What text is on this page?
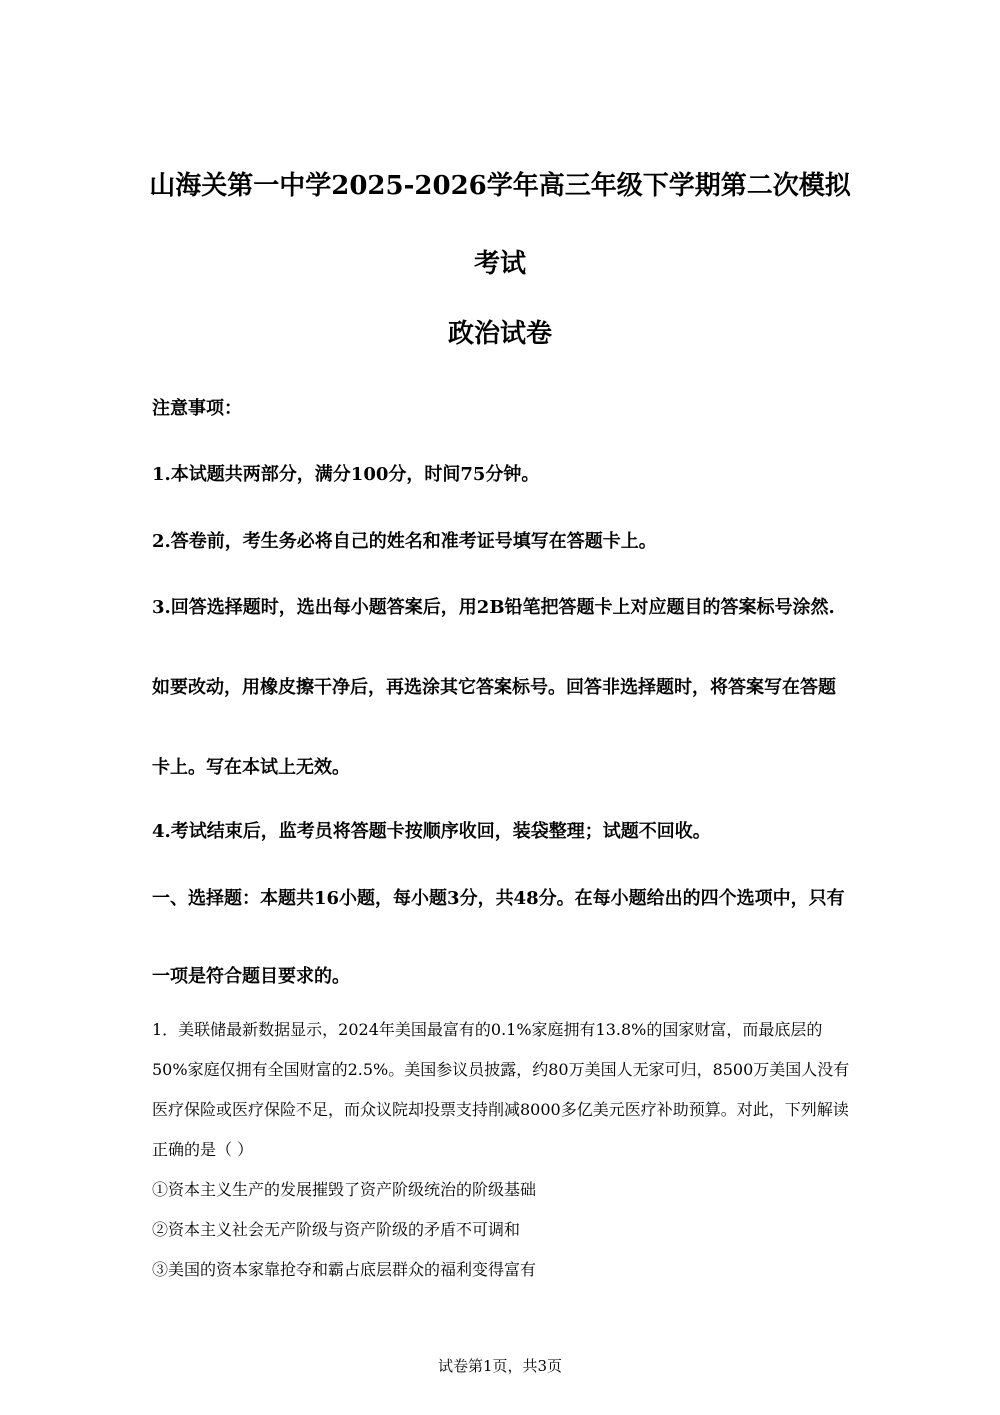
山海关第一中学2025-2026学年高三年级下学期第二次模拟
考试
政治试卷

注意事项：

1.本试题共两部分，满分100分，时间75分钟。

2.答卷前，考生务必将自己的姓名和准考证号填写在答题卡上。

3.回答选择题时，选出每小题答案后，用2B铅笔把答题卡上对应题目的答案标号涂然.如要改动，用橡皮擦干净后，再选涂其它答案标号。回答非选择题时，将答案写在答题卡上。写在本试上无效。

4.考试结束后，监考员将答题卡按顺序收回，装袋整理；试题不回收。

一、选择题：本题共16小题，每小题3分，共48分。在每小题给出的四个选项中，只有一项是符合题目要求的。

1．美联储最新数据显示，2024年美国最富有的0.1%家庭拥有13.8%的国家财富，而最底层的50%家庭仅拥有全国财富的2.5%。美国参议员披露，约80万美国人无家可归，8500万美国人没有医疗保险或医疗保险不足，而众议院却投票支持削减8000多亿美元医疗补助预算。对此，下列解读正确的是（ ）

①资本主义生产的发展摧毁了资产阶级统治的阶级基础

②资本主义社会无产阶级与资产阶级的矛盾不可调和

③美国的资本家靠抢夺和霸占底层群众的福利变得富有

试卷第1页，共3页
